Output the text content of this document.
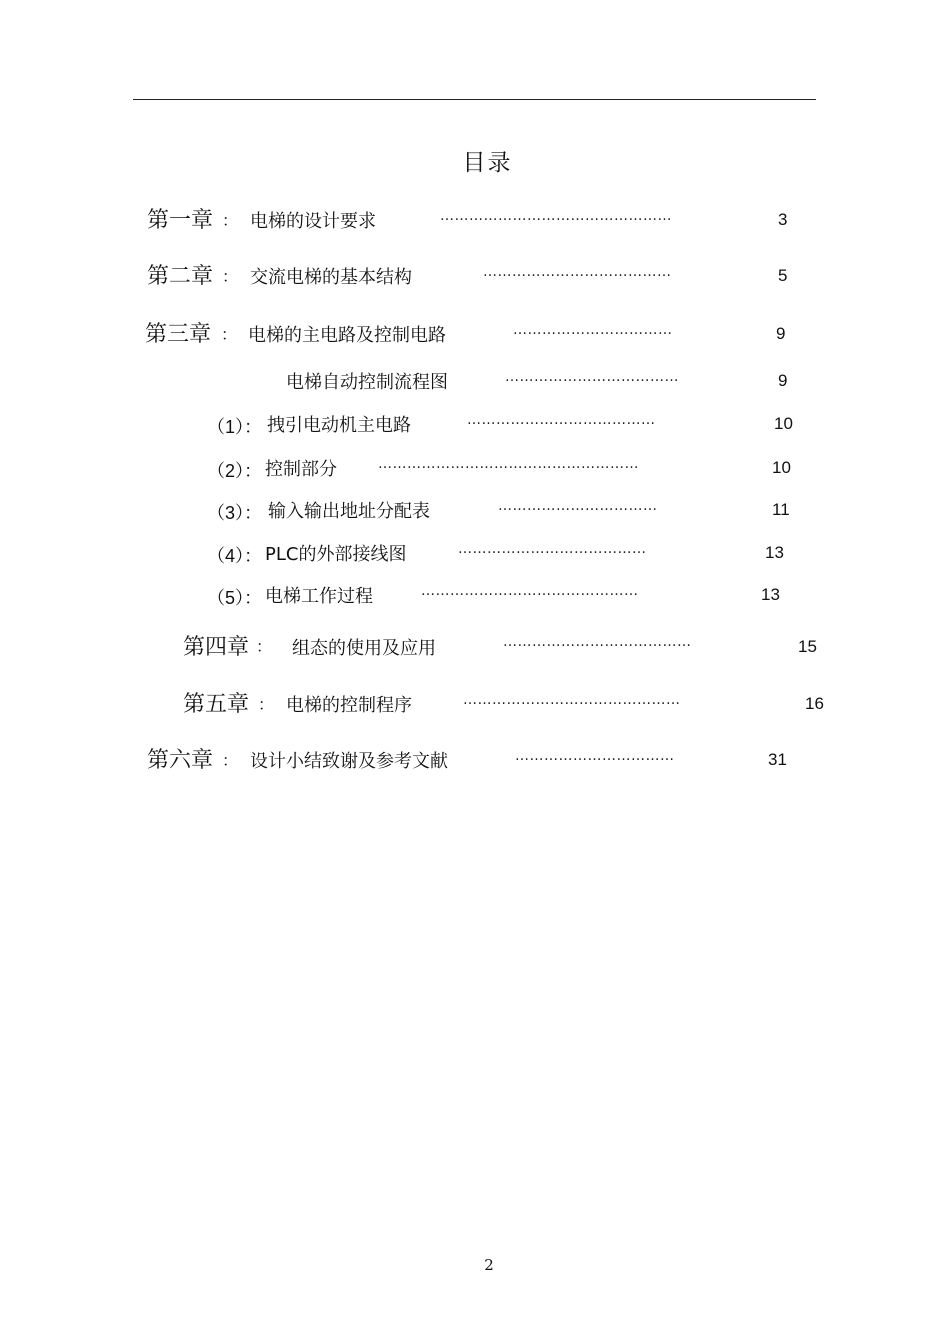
目录
第一章 ： 电梯的设计要求	…………………………………………	3
第二章 ： 交流电梯的基本结构	…………………………………	5
第三章 ： 电梯的主电路及控制电路	……………………………	9
电梯自动控制流程图	………………………………	9
（1）： 拽引电动机主电路	…………………………………	10
（2）： 控制部分	………………………………………………	10
（3）： 输入输出地址分配表	……………………………	11
（4）： PLC的外部接线图	…………………………………	13
（5）： 电梯工作过程	………………………………………	13
第四章 ： 组态的使用及应用	…………………………………	15
第五章 ： 电梯的控制程序	………………………………………	16
第六章 ： 设计小结致谢及参考文献	……………………………	31
2
